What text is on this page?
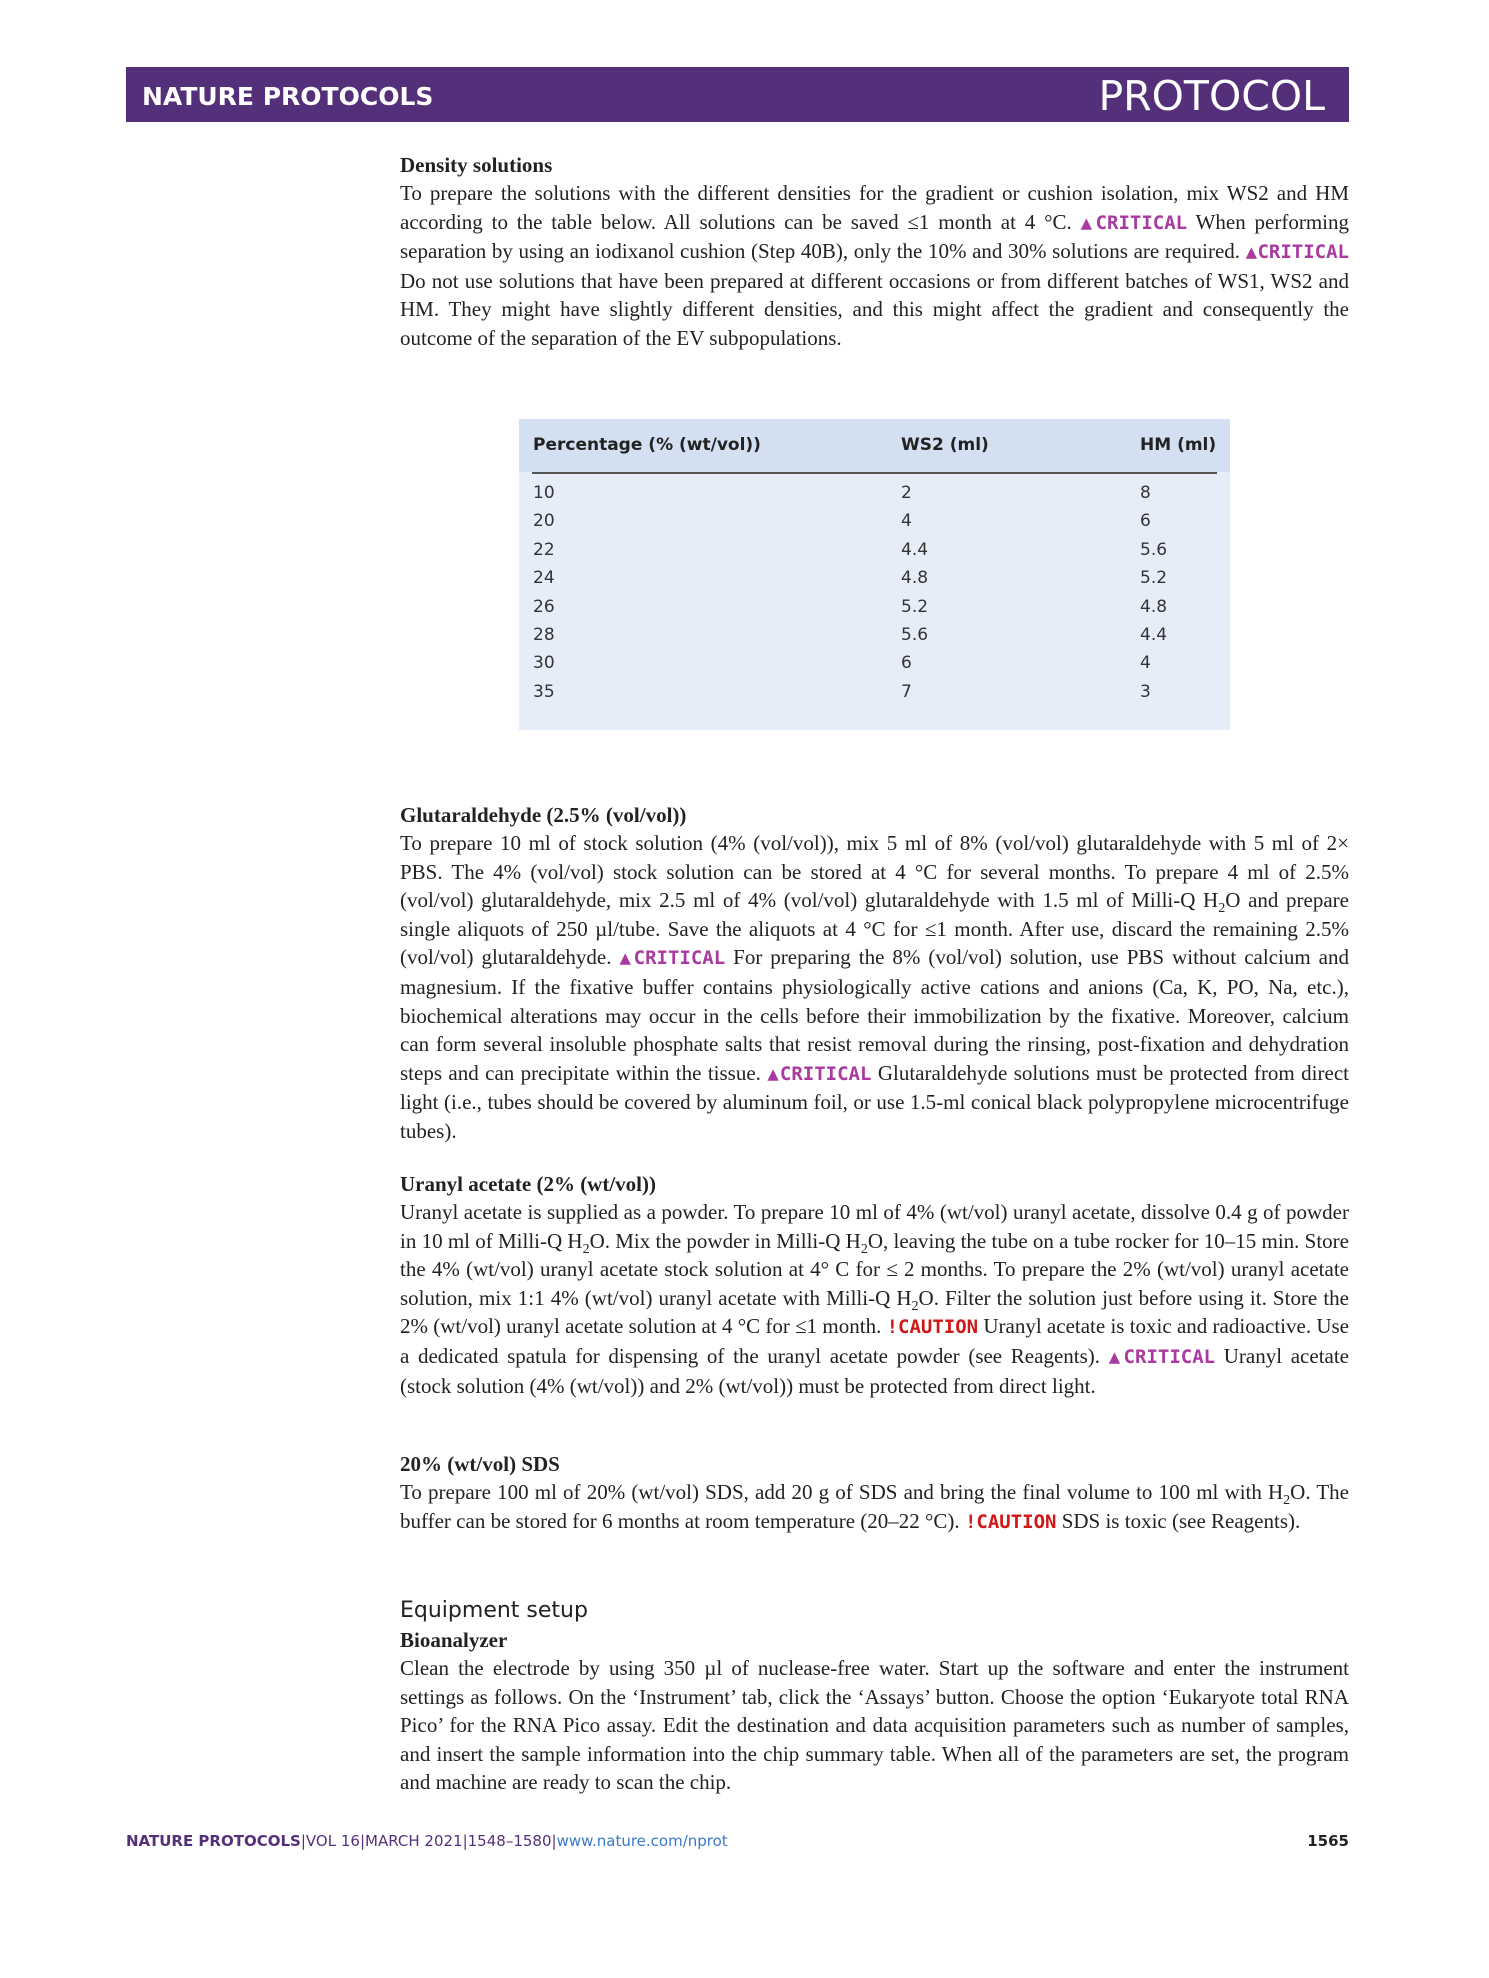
NATURE PROTOCOLS	PROTOCOL
Density solutions
To prepare the solutions with the different densities for the gradient or cushion isolation, mix WS2 and HM according to the table below. All solutions can be saved ≤1 month at 4 °C. ▲CRITICAL When performing separation by using an iodixanol cushion (Step 40B), only the 10% and 30% solutions are required. ▲CRITICAL Do not use solutions that have been prepared at different occasions or from different batches of WS1, WS2 and HM. They might have slightly different densities, and this might affect the gradient and consequently the outcome of the separation of the EV subpopulations.
Percentage (% (wt/vol))	WS2 (ml)	HM (ml)
10	2	8
20	4	6
22	4.4	5.6
24	4.8	5.2
26	5.2	4.8
28	5.6	4.4
30	6	4
35	7	3
Glutaraldehyde (2.5% (vol/vol))
To prepare 10 ml of stock solution (4% (vol/vol)), mix 5 ml of 8% (vol/vol) glutaraldehyde with 5 ml of 2× PBS. The 4% (vol/vol) stock solution can be stored at 4 °C for several months. To prepare 4 ml of 2.5% (vol/vol) glutaraldehyde, mix 2.5 ml of 4% (vol/vol) glutaraldehyde with 1.5 ml of Milli-Q $H_2O$ and prepare single aliquots of 250 µl/tube. Save the aliquots at 4 °C for ≤1 month. After use, discard the remaining 2.5% (vol/vol) glutaraldehyde. ▲CRITICAL For preparing the 8% (vol/vol) solution, use PBS without calcium and magnesium. If the fixative buffer contains physiologically active cations and anions (Ca, K, PO, Na, etc.), biochemical alterations may occur in the cells before their immobilization by the fixative. Moreover, calcium can form several insoluble phosphate salts that resist removal during the rinsing, post-fixation and dehydration steps and can precipitate within the tissue. ▲CRITICAL Glutaraldehyde solutions must be protected from direct light (i.e., tubes should be covered by aluminum foil, or use 1.5-ml conical black polypropylene microcentrifuge tubes).
Uranyl acetate (2% (wt/vol))
Uranyl acetate is supplied as a powder. To prepare 10 ml of 4% (wt/vol) uranyl acetate, dissolve 0.4 g of powder in 10 ml of Milli-Q $H_2O$. Mix the powder in Milli-Q $H_2O$, leaving the tube on a tube rocker for 10–15 min. Store the 4% (wt/vol) uranyl acetate stock solution at 4° C for ≤ 2 months. To prepare the 2% (wt/vol) uranyl acetate solution, mix 1:1 4% (wt/vol) uranyl acetate with Milli-Q $H_2O$. Filter the solution just before using it. Store the 2% (wt/vol) uranyl acetate solution at 4 °C for ≤1 month. !CAUTION Uranyl acetate is toxic and radioactive. Use a dedicated spatula for dispensing of the uranyl acetate powder (see Reagents). ▲CRITICAL Uranyl acetate (stock solution (4% (wt/vol)) and 2% (wt/vol)) must be protected from direct light.
20% (wt/vol) SDS
To prepare 100 ml of 20% (wt/vol) SDS, add 20 g of SDS and bring the final volume to 100 ml with $H_2O$. The buffer can be stored for 6 months at room temperature (20–22 °C). !CAUTION SDS is toxic (see Reagents).
Equipment setup
Bioanalyzer
Clean the electrode by using 350 µl of nuclease-free water. Start up the software and enter the instrument settings as follows. On the ‘Instrument’ tab, click the ‘Assays’ button. Choose the option ‘Eukaryote total RNA Pico’ for the RNA Pico assay. Edit the destination and data acquisition parameters such as number of samples, and insert the sample information into the chip summary table. When all of the parameters are set, the program and machine are ready to scan the chip.
NATURE PROTOCOLS|VOL 16|MARCH 2021|1548–1580|www.nature.com/nprot	1565
